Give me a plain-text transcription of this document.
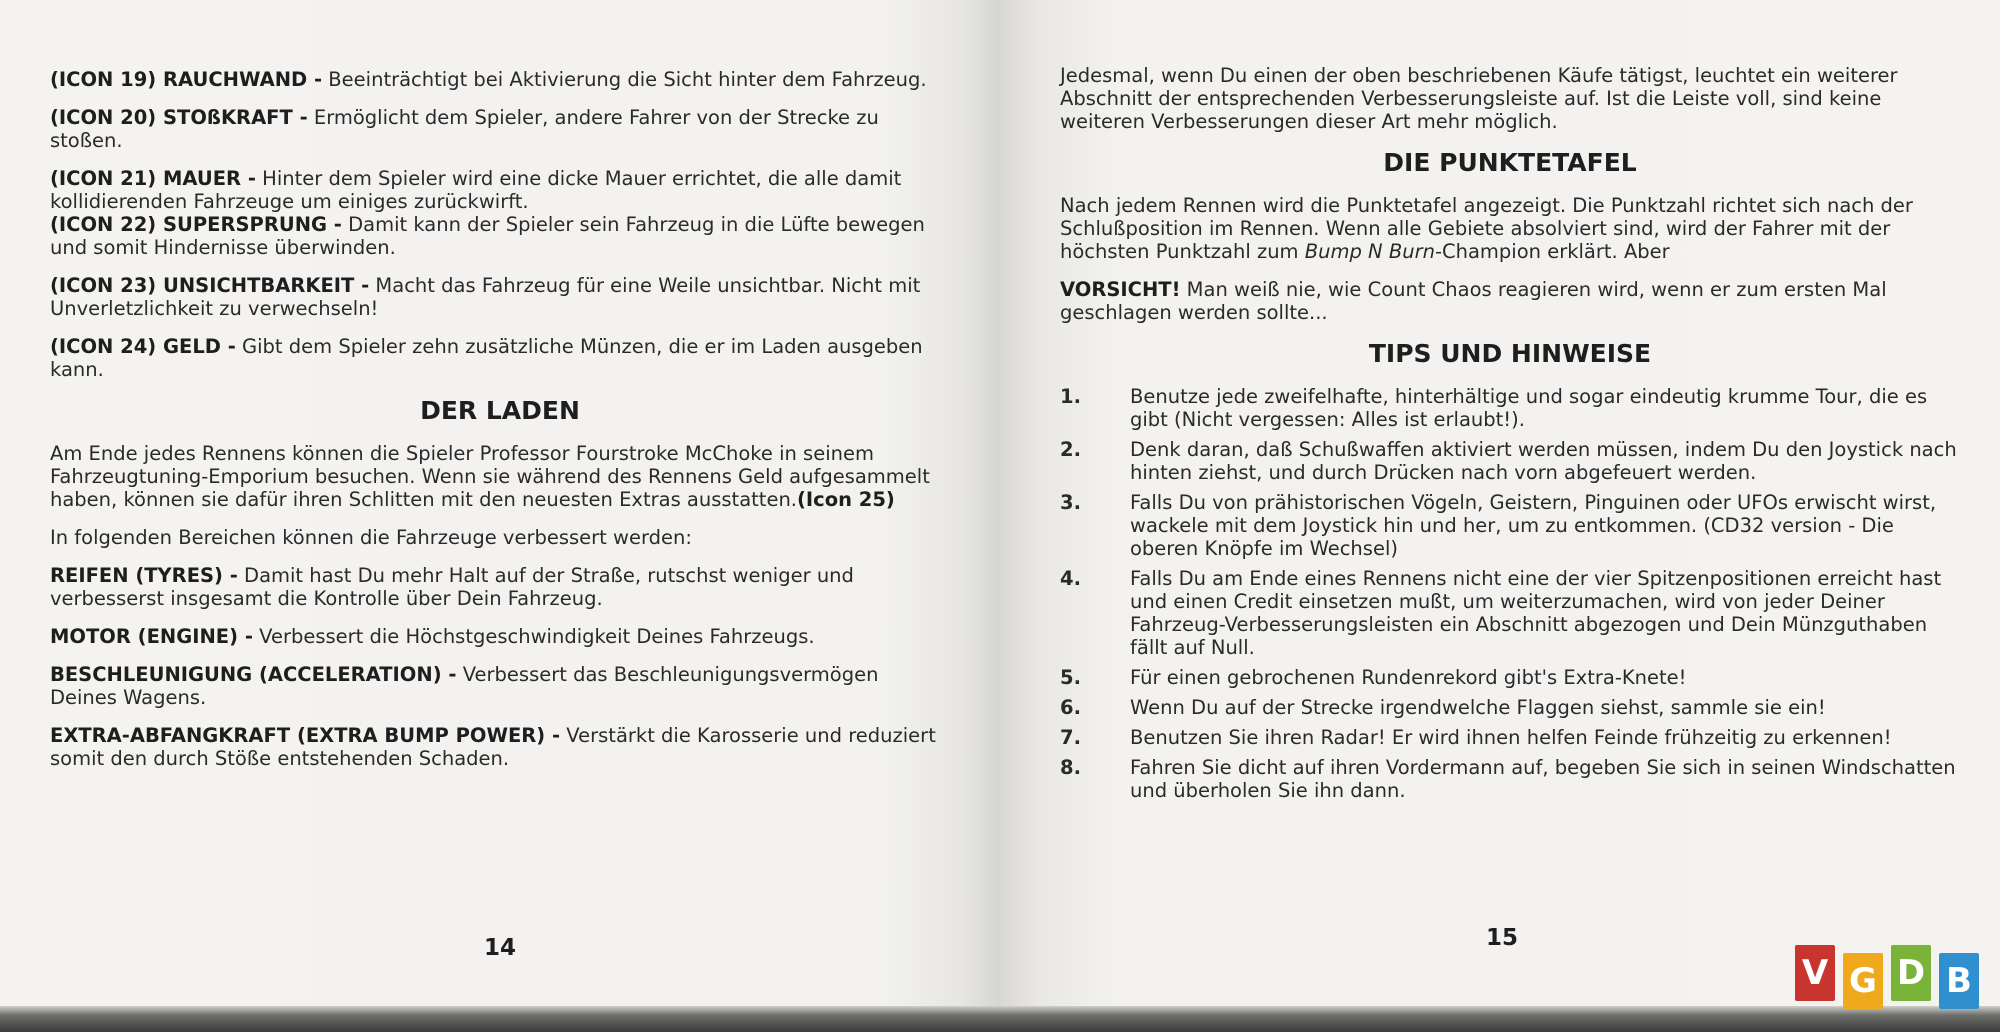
(ICON 19) RAUCHWAND - Beeinträchtigt bei Aktivierung die Sicht hinter dem Fahrzeug.

(ICON 20) STOßKRAFT - Ermöglicht dem Spieler, andere Fahrer von der Strecke zu stoßen.

(ICON 21) MAUER - Hinter dem Spieler wird eine dicke Mauer errichtet, die alle damit kollidierenden Fahrzeuge um einiges zurückwirft.

(ICON 22) SUPERSPRUNG - Damit kann der Spieler sein Fahrzeug in die Lüfte bewegen und somit Hindernisse überwinden.

(ICON 23) UNSICHTBARKEIT - Macht das Fahrzeug für eine Weile unsichtbar. Nicht mit Unverletzlichkeit zu verwechseln!

(ICON 24) GELD - Gibt dem Spieler zehn zusätzliche Münzen, die er im Laden ausgeben kann.

DER LADEN

Am Ende jedes Rennens können die Spieler Professor Fourstroke McChoke in seinem Fahrzeugtuning-Emporium besuchen. Wenn sie während des Rennens Geld aufgesammelt haben, können sie dafür ihren Schlitten mit den neuesten Extras ausstatten.(Icon 25)

In folgenden Bereichen können die Fahrzeuge verbessert werden:

REIFEN (TYRES) - Damit hast Du mehr Halt auf der Straße, rutschst weniger und verbesserst insgesamt die Kontrolle über Dein Fahrzeug.

MOTOR (ENGINE) - Verbessert die Höchstgeschwindigkeit Deines Fahrzeugs.

BESCHLEUNIGUNG (ACCELERATION) - Verbessert das Beschleunigungsvermögen Deines Wagens.

EXTRA-ABFANGKRAFT (EXTRA BUMP POWER) - Verstärkt die Karosserie und reduziert somit den durch Stöße entstehenden Schaden.

14

Jedesmal, wenn Du einen der oben beschriebenen Käufe tätigst, leuchtet ein weiterer Abschnitt der entsprechenden Verbesserungsleiste auf. Ist die Leiste voll, sind keine weiteren Verbesserungen dieser Art mehr möglich.

DIE PUNKTETAFEL

Nach jedem Rennen wird die Punktetafel angezeigt. Die Punktzahl richtet sich nach der Schlußposition im Rennen. Wenn alle Gebiete absolviert sind, wird der Fahrer mit der höchsten Punktzahl zum Bump N Burn-Champion erklärt. Aber

VORSICHT! Man weiß nie, wie Count Chaos reagieren wird, wenn er zum ersten Mal geschlagen werden sollte...

TIPS UND HINWEISE
1.	Benutze jede zweifelhafte, hinterhältige und sogar eindeutig krumme Tour, die es gibt (Nicht vergessen: Alles ist erlaubt!).
2.	Denk daran, daß Schußwaffen aktiviert werden müssen, indem Du den Joystick nach hinten ziehst, und durch Drücken nach vorn abgefeuert werden.
3.	Falls Du von prähistorischen Vögeln, Geistern, Pinguinen oder UFOs erwischt wirst, wackele mit dem Joystick hin und her, um zu entkommen. (CD32 version - Die oberen Knöpfe im Wechsel)
4.	Falls Du am Ende eines Rennens nicht eine der vier Spitzenpositionen erreicht hast und einen Credit einsetzen mußt, um weiterzumachen, wird von jeder Deiner Fahrzeug-Verbesserungsleisten ein Abschnitt abgezogen und Dein Münzguthaben fällt auf Null.
5.	Für einen gebrochenen Rundenrekord gibt's Extra-Knete!
6.	Wenn Du auf der Strecke irgendwelche Flaggen siehst, sammle sie ein!
7.	Benutzen Sie ihren Radar! Er wird ihnen helfen Feinde frühzeitig zu erkennen!
8.	Fahren Sie dicht auf ihren Vordermann auf, begeben Sie sich in seinen Windschatten und überholen Sie ihn dann.
15
V G D B
